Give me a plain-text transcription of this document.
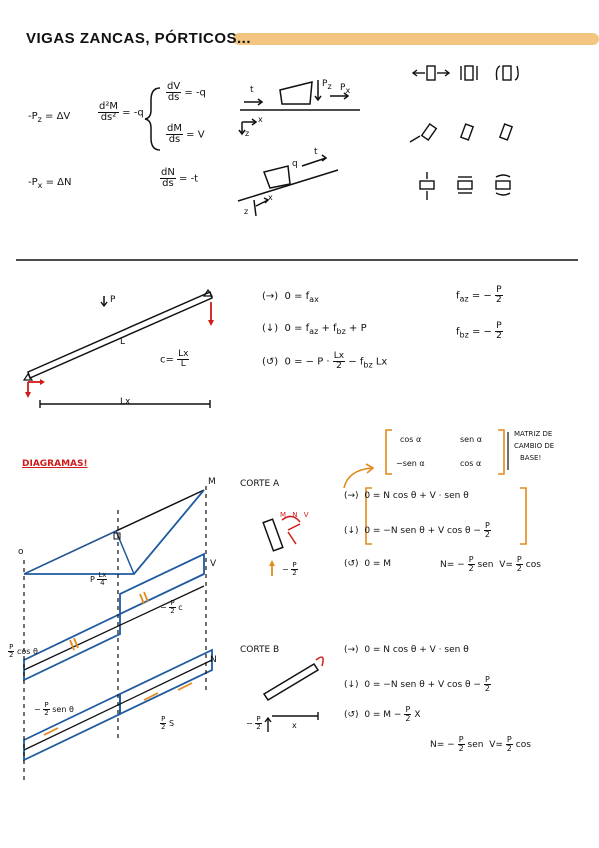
VIGAS ZANCAS, PÓRTICOS...
$-P_z = \Delta V$
$-P_x = \Delta N$
$\frac{\text{d²M}}{\text{ds²}} = -q$
$\frac{dV}{ds} = -q$
$\frac{dM}{ds} = V$
$\frac{dN}{ds} = -t$
t
$P_z$ $P_x$
x
z
q
t
x
z
P
L
Lx
$c= \frac{Lx}{L}$
(→) $0 = f_{ax}$
(↓) $0 = f_{az} + f_{bz} + P$
(↺) 0 = − $P \cdot \frac{Lx}{2} - f_{bz}$ Lx
$f_{az}$ = − $\frac{P}{2}$
$f_{bz}$ = − $\frac{P}{2}$
cos α	sen α
−sen α	cos α
MATRIZ DE
CAMBIO DE
BASE!
DIAGRAMAS!
M
o
V
N
P $\frac{Lx}{4}$
− $\frac{P}{2}$ c
$\frac{P}{2}$ cos θ
− $\frac{P}{2}$ sen θ
$\frac{P}{2}$ S
CORTE A
M N V
− $\frac{P}{2}$
(→) 0 = N cos θ + V · sen θ
(↓) 0 = −N sen θ + V $\cos \theta - \frac{P}{2}$
(↺) 0 = M	$N= - \frac{P}{2}$ sen $V= \frac{P}{2}$ cos
CORTE B
− $\frac{P}{2}$	x
(→) 0 = N cos θ + V · sen θ
(↓) 0 = −N sen θ + V $\cos \theta - \frac{P}{2}$
(↺) $0 = M - \frac{P}{2}$ X
$N= - \frac{P}{2}$ sen $V= \frac{P}{2}$ cos
